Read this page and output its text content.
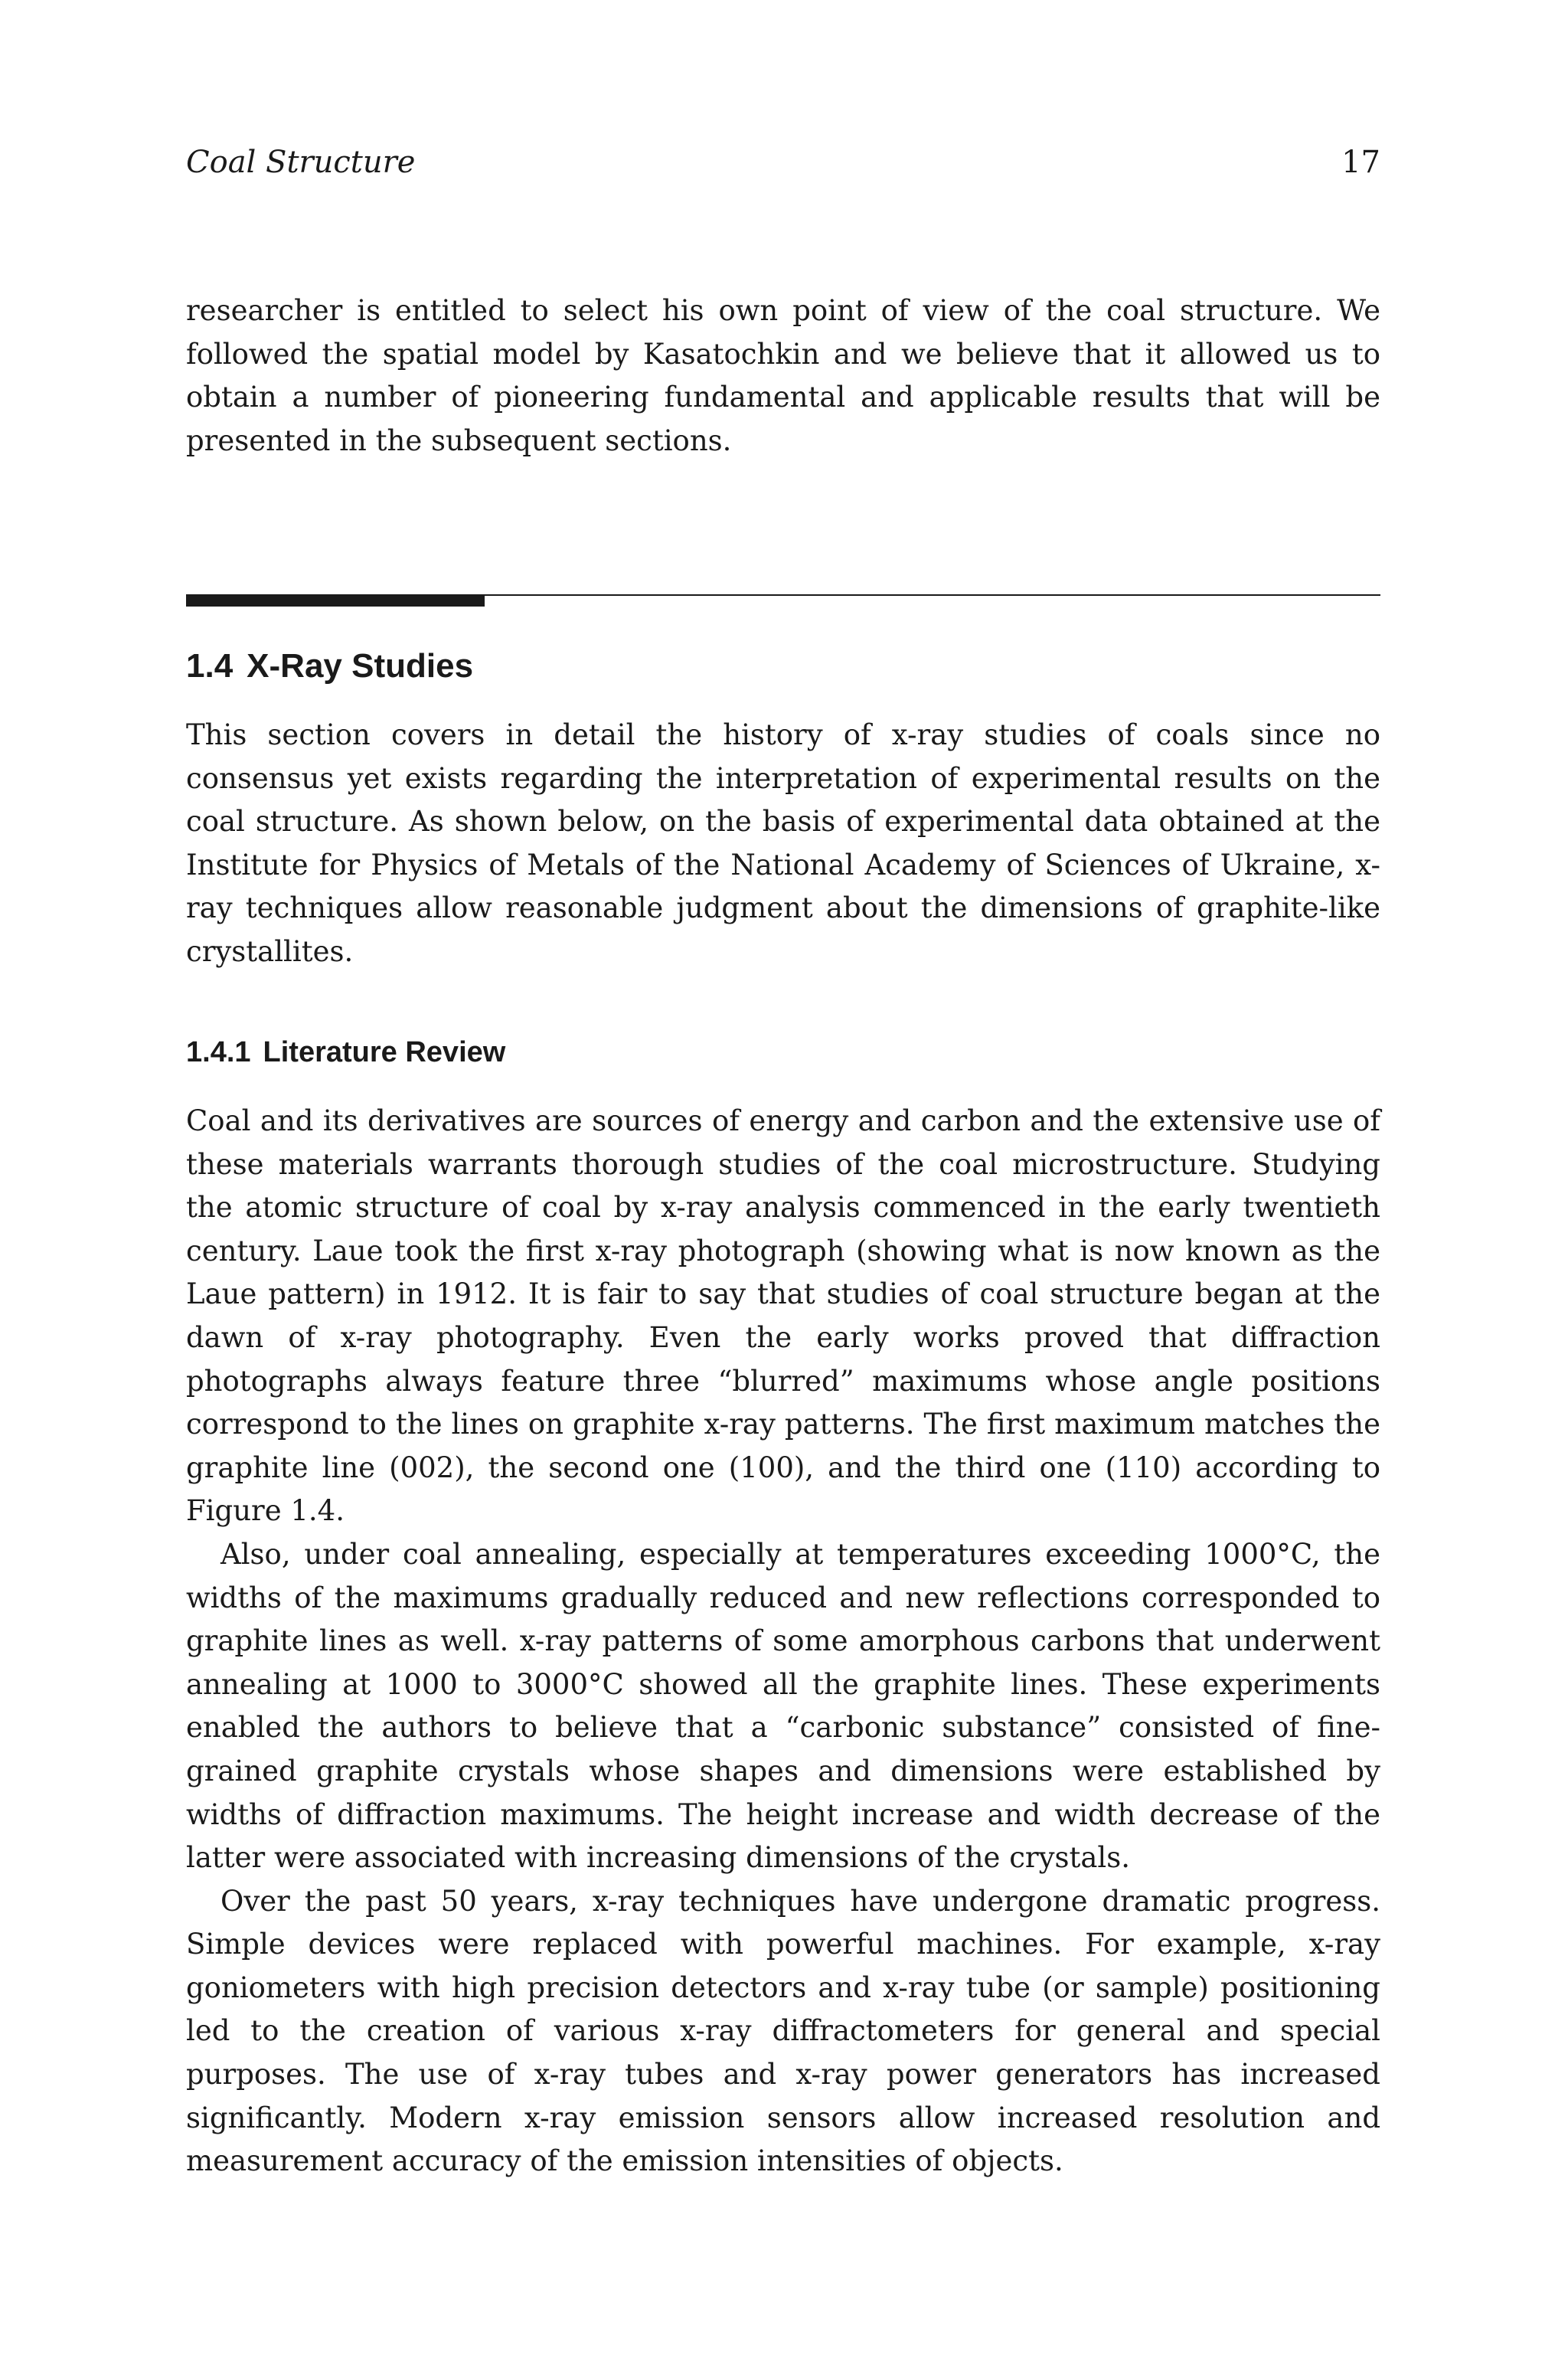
Coal Structure	17

researcher is entitled to select his own point of view of the coal structure. We followed the spatial model by Kasatochkin and we believe that it allowed us to obtain a number of pioneering fundamental and applicable results that will be presented in the subsequent sections.

1.4 X-Ray Studies

This section covers in detail the history of x-ray studies of coals since no consensus yet exists regarding the interpretation of experimental results on the coal structure. As shown below, on the basis of experimental data obtained at the Institute for Physics of Metals of the National Academy of Sciences of Ukraine, x-ray techniques allow reasonable judgment about the dimensions of graphite-like crystallites.

1.4.1 Literature Review

Coal and its derivatives are sources of energy and carbon and the extensive use of these materials warrants thorough studies of the coal microstructure. Studying the atomic structure of coal by x-ray analysis commenced in the early twentieth century. Laue took the first x-ray photograph (showing what is now known as the Laue pattern) in 1912. It is fair to say that studies of coal structure began at the dawn of x-ray photography. Even the early works proved that diffraction photographs always feature three “blurred” maximums whose angle positions correspond to the lines on graphite x-ray patterns. The first maximum matches the graphite line (002), the second one (100), and the third one (110) according to Figure 1.4.

Also, under coal annealing, especially at temperatures exceeding 1000°C, the widths of the maximums gradually reduced and new reflections corresponded to graphite lines as well. x-ray patterns of some amorphous carbons that underwent annealing at 1000 to 3000°C showed all the graphite lines. These experiments enabled the authors to believe that a “carbonic substance” consisted of fine-grained graphite crystals whose shapes and dimensions were established by widths of diffraction maximums. The height increase and width decrease of the latter were associated with increasing dimensions of the crystals.

Over the past 50 years, x-ray techniques have undergone dramatic progress. Simple devices were replaced with powerful machines. For example, x-ray goniometers with high precision detectors and x-ray tube (or sample) positioning led to the creation of various x-ray diffractometers for general and special purposes. The use of x-ray tubes and x-ray power generators has increased significantly. Modern x-ray emission sensors allow increased resolution and measurement accuracy of the emission intensities of objects.
